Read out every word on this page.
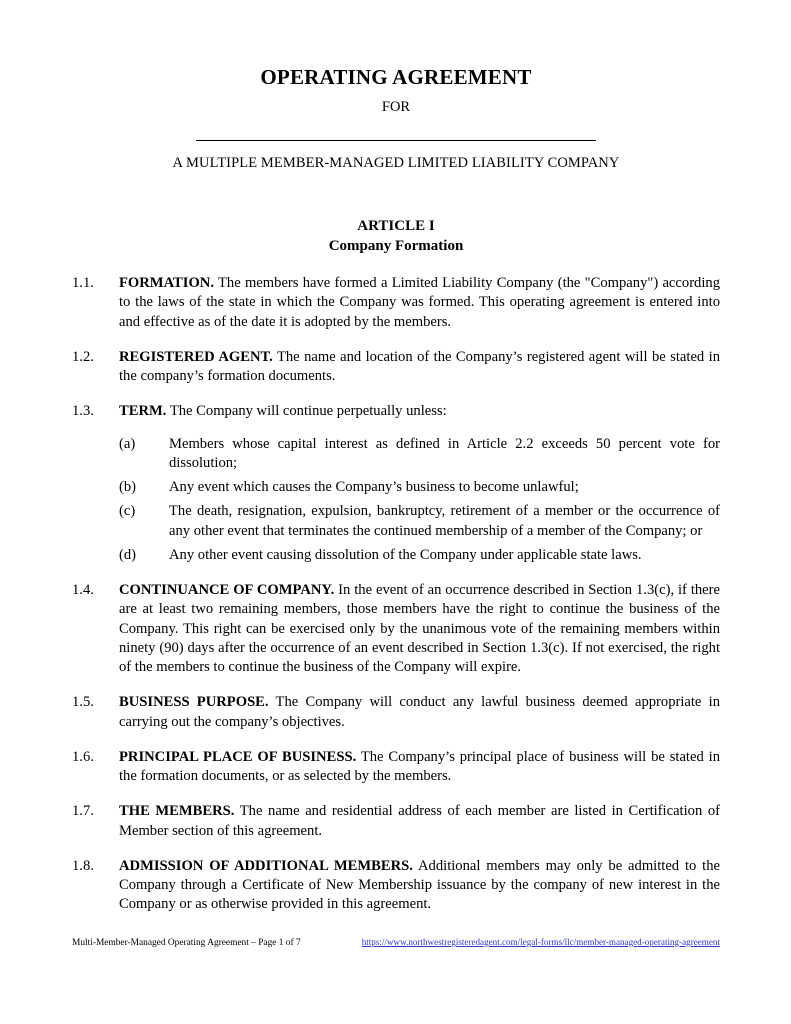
OPERATING AGREEMENT
FOR
A MULTIPLE MEMBER-MANAGED LIMITED LIABILITY COMPANY
ARTICLE I
Company Formation
1.1.	FORMATION. The members have formed a Limited Liability Company (the "Company") according to the laws of the state in which the Company was formed. This operating agreement is entered into and effective as of the date it is adopted by the members.
1.2.	REGISTERED AGENT. The name and location of the Company’s registered agent will be stated in the company’s formation documents.
1.3.	TERM. The Company will continue perpetually unless:
(a)	Members whose capital interest as defined in Article 2.2 exceeds 50 percent vote for dissolution;
(b)	Any event which causes the Company’s business to become unlawful;
(c)	The death, resignation, expulsion, bankruptcy, retirement of a member or the occurrence of any other event that terminates the continued membership of a member of the Company; or
(d)	Any other event causing dissolution of the Company under applicable state laws.
1.4.	CONTINUANCE OF COMPANY. In the event of an occurrence described in Section 1.3(c), if there are at least two remaining members, those members have the right to continue the business of the Company. This right can be exercised only by the unanimous vote of the remaining members within ninety (90) days after the occurrence of an event described in Section 1.3(c). If not exercised, the right of the members to continue the business of the Company will expire.
1.5.	BUSINESS PURPOSE. The Company will conduct any lawful business deemed appropriate in carrying out the company’s objectives.
1.6.	PRINCIPAL PLACE OF BUSINESS. The Company’s principal place of business will be stated in the formation documents, or as selected by the members.
1.7.	THE MEMBERS. The name and residential address of each member are listed in Certification of Member section of this agreement.
1.8.	ADMISSION OF ADDITIONAL MEMBERS. Additional members may only be admitted to the Company through a Certificate of New Membership issuance by the company of new interest in the Company or as otherwise provided in this agreement.
Multi-Member-Managed Operating Agreement – Page 1 of 7	https://www.northwestregisteredagent.com/legal-forms/llc/member-managed-operating-agreement
